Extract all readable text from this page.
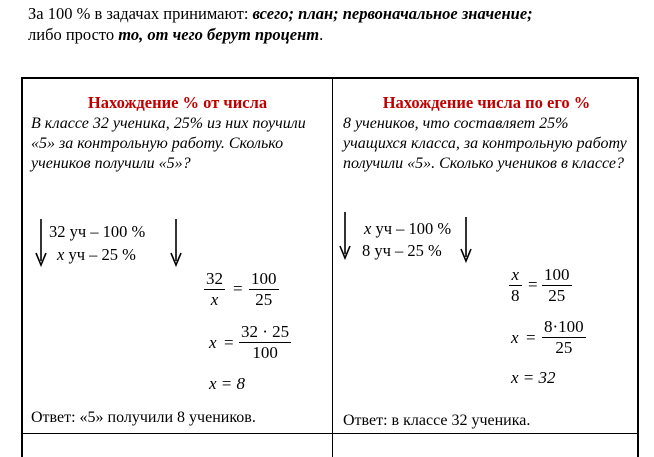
За 100 % в задачах принимают: всего; план; первоначальное значение;
либо просто то, от чего берут процент.
Нахождение % от числа
В классе 32 ученика, 25% из них поучили «5» за контрольную работу. Сколько учеников получили «5»?
32 уч – 100 %
х уч – 25 %
32
x
=
100
25
x =
32 · 25
100
x = 8
Ответ: «5» получили 8 учеников.
Нахождение числа по его %
8 учеников, что составляет 25% учащихся класса, за контрольную работу получили «5». Сколько учеников в классе?
x уч – 100 %
8 уч – 25 %
x
8
=
100
25
x =
8·100
25
x = 32
Ответ: в классе 32 ученика.
